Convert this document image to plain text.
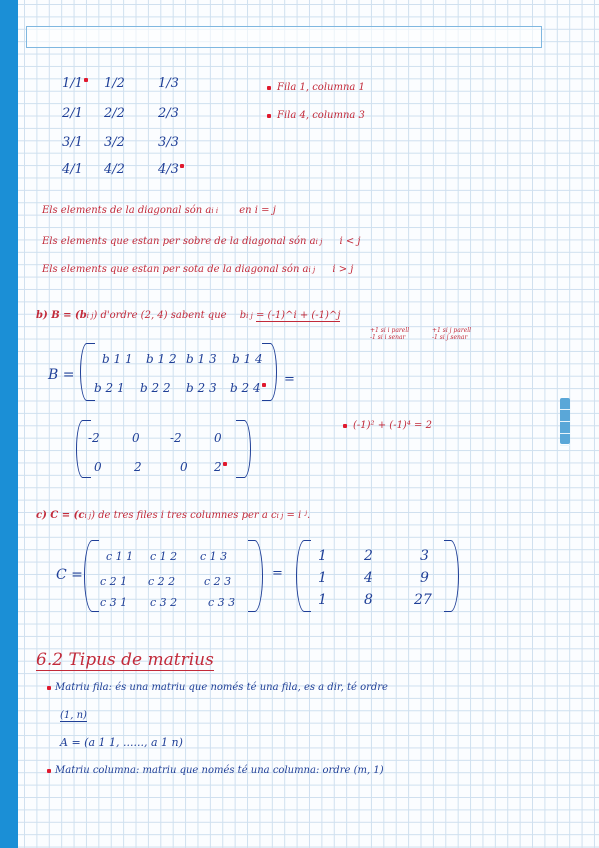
1/1	1/2	1/3
2/1 2/2	2/3
3/1 3/2	3/3
4/1 4/2	4/3
Fila 1, columna 1
Fila 4, columna 3
Els elements de la diagonal són ai i en i = j
Els elements que estan per sobre de la diagonal són ai j i < j
Els elements que estan per sota de la diagonal són ai j i > j
b) B = (bi j) d'ordre (2, 4) sabent que bi j = (-1)^i + (-1)^j
+1 si i parell
-1 si i senar
+1 si j parell
-1 si j senar
B =
b 1 1 b 1 2 b 1 3 b 1 4
b 2 1 b 2 2 b 2 3 b 2 4
=
(-1)² + (-1)⁴ = 2
-2	0	-2	0
0	2	0 2
c) C = (ci j) de tres files i tres columnes per a ci j = i ʲ.
C =
c 1 1 c 1 2 c 1 3
c 2 1 c 2 2	c 2 3
c 3 1 c 3 2	c 3 3
=
1	2	3
1	4	9
1	8	27
6.2 Tipus de matrius
Matriu fila: és una matriu que només té una fila, es a dir, té ordre
(1, n)
A = (a 1 1, ......, a 1 n)
Matriu columna: matriu que només té una columna: ordre (m, 1)
